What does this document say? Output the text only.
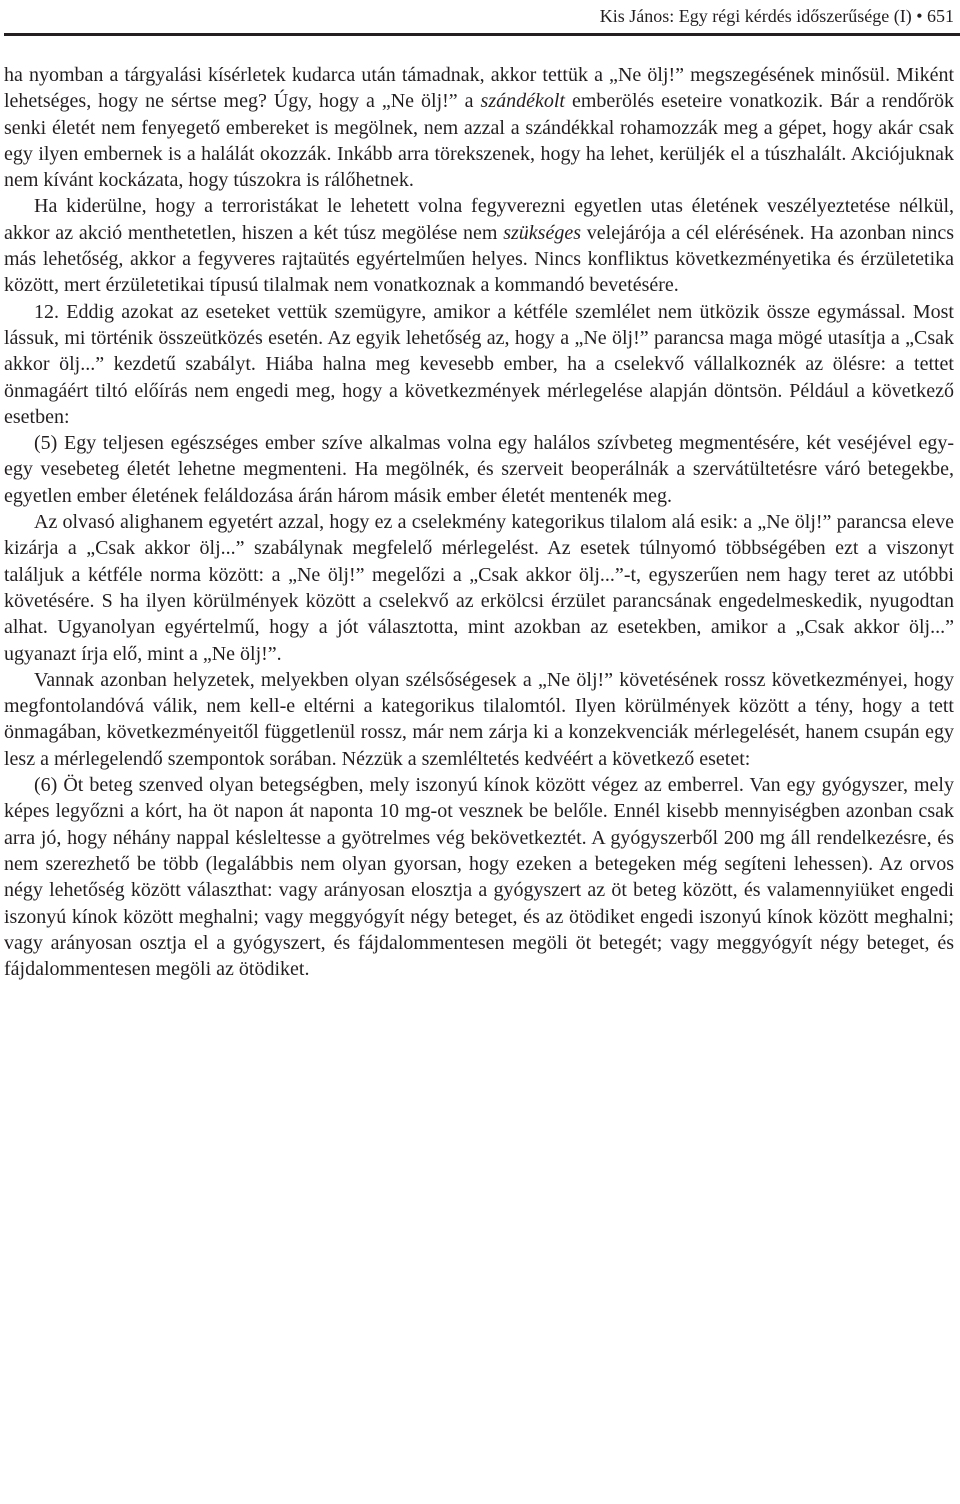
Kis János: Egy régi kérdés időszerűsége (I) • 651

ha nyomban a tárgyalási kísérletek kudarca után támadnak, akkor tettük a „Ne ölj!” megszegésének minősül. Miként lehetséges, hogy ne sértse meg? Úgy, hogy a „Ne ölj!” a szándékolt emberölés eseteire vonatkozik. Bár a rendőrök senki életét nem fenyegető embereket is megölnek, nem azzal a szándékkal rohamozzák meg a gépet, hogy akár csak egy ilyen embernek is a halálát okozzák. Inkább arra törekszenek, hogy ha lehet, kerüljék el a túszhalált. Akciójuknak nem kívánt kockázata, hogy túszokra is rálőhetnek.

Ha kiderülne, hogy a terroristákat le lehetett volna fegyverezni egyetlen utas életének veszélyeztetése nélkül, akkor az akció menthetetlen, hiszen a két túsz megölése nem szükséges velejárója a cél elérésének. Ha azonban nincs más lehetőség, akkor a fegyveres rajtaütés egyértelműen helyes. Nincs konfliktus következményetika és érzületetika között, mert érzületetikai típusú tilalmak nem vonatkoznak a kommandó bevetésére.

12. Eddig azokat az eseteket vettük szemügyre, amikor a kétféle szemlélet nem ütközik össze egymással. Most lássuk, mi történik összeütközés esetén. Az egyik lehetőség az, hogy a „Ne ölj!” parancsa maga mögé utasítja a „Csak akkor ölj...” kezdetű szabályt. Hiába halna meg kevesebb ember, ha a cselekvő vállalkoznék az ölésre: a tettet önmagáért tiltó előírás nem engedi meg, hogy a következmények mérlegelése alapján döntsön. Például a következő esetben:

(5) Egy teljesen egészséges ember szíve alkalmas volna egy halálos szívbeteg megmentésére, két veséjével egy-egy vesebeteg életét lehetne megmenteni. Ha megölnék, és szerveit beoperálnák a szervátültetésre váró betegekbe, egyetlen ember életének feláldozása árán három másik ember életét mentenék meg.

Az olvasó alighanem egyetért azzal, hogy ez a cselekmény kategorikus tilalom alá esik: a „Ne ölj!” parancsa eleve kizárja a „Csak akkor ölj...” szabálynak megfelelő mérlegelést. Az esetek túlnyomó többségében ezt a viszonyt találjuk a kétféle norma között: a „Ne ölj!” megelőzi a „Csak akkor ölj...”-t, egyszerűen nem hagy teret az utóbbi követésére. S ha ilyen körülmények között a cselekvő az erkölcsi érzület parancsának engedelmeskedik, nyugodtan alhat. Ugyanolyan egyértelmű, hogy a jót választotta, mint azokban az esetekben, amikor a „Csak akkor ölj...” ugyanazt írja elő, mint a „Ne ölj!”.

Vannak azonban helyzetek, melyekben olyan szélsőségesek a „Ne ölj!” követésének rossz következményei, hogy megfontolandóvá válik, nem kell-e eltérni a kategorikus tilalomtól. Ilyen körülmények között a tény, hogy a tett önmagában, következményeitől függetlenül rossz, már nem zárja ki a konzekvenciák mérlegelését, hanem csupán egy lesz a mérlegelendő szempontok sorában. Nézzük a szemléltetés kedvéért a következő esetet:

(6) Öt beteg szenved olyan betegségben, mely iszonyú kínok között végez az emberrel. Van egy gyógyszer, mely képes legyőzni a kórt, ha öt napon át naponta 10 mg-ot vesznek be belőle. Ennél kisebb mennyiségben azonban csak arra jó, hogy néhány nappal késleltesse a gyötrelmes vég bekövetkeztét. A gyógyszerből 200 mg áll rendelkezésre, és nem szerezhető be több (legalábbis nem olyan gyorsan, hogy ezeken a betegeken még segíteni lehessen). Az orvos négy lehetőség között választhat: vagy arányosan elosztja a gyógyszert az öt beteg között, és valamennyiüket engedi iszonyú kínok között meghalni; vagy meggyógyít négy beteget, és az ötödiket engedi iszonyú kínok között meghalni; vagy arányosan osztja el a gyógyszert, és fájdalommentesen megöli öt betegét; vagy meggyógyít négy beteget, és fájdalommentesen megöli az ötödiket.
